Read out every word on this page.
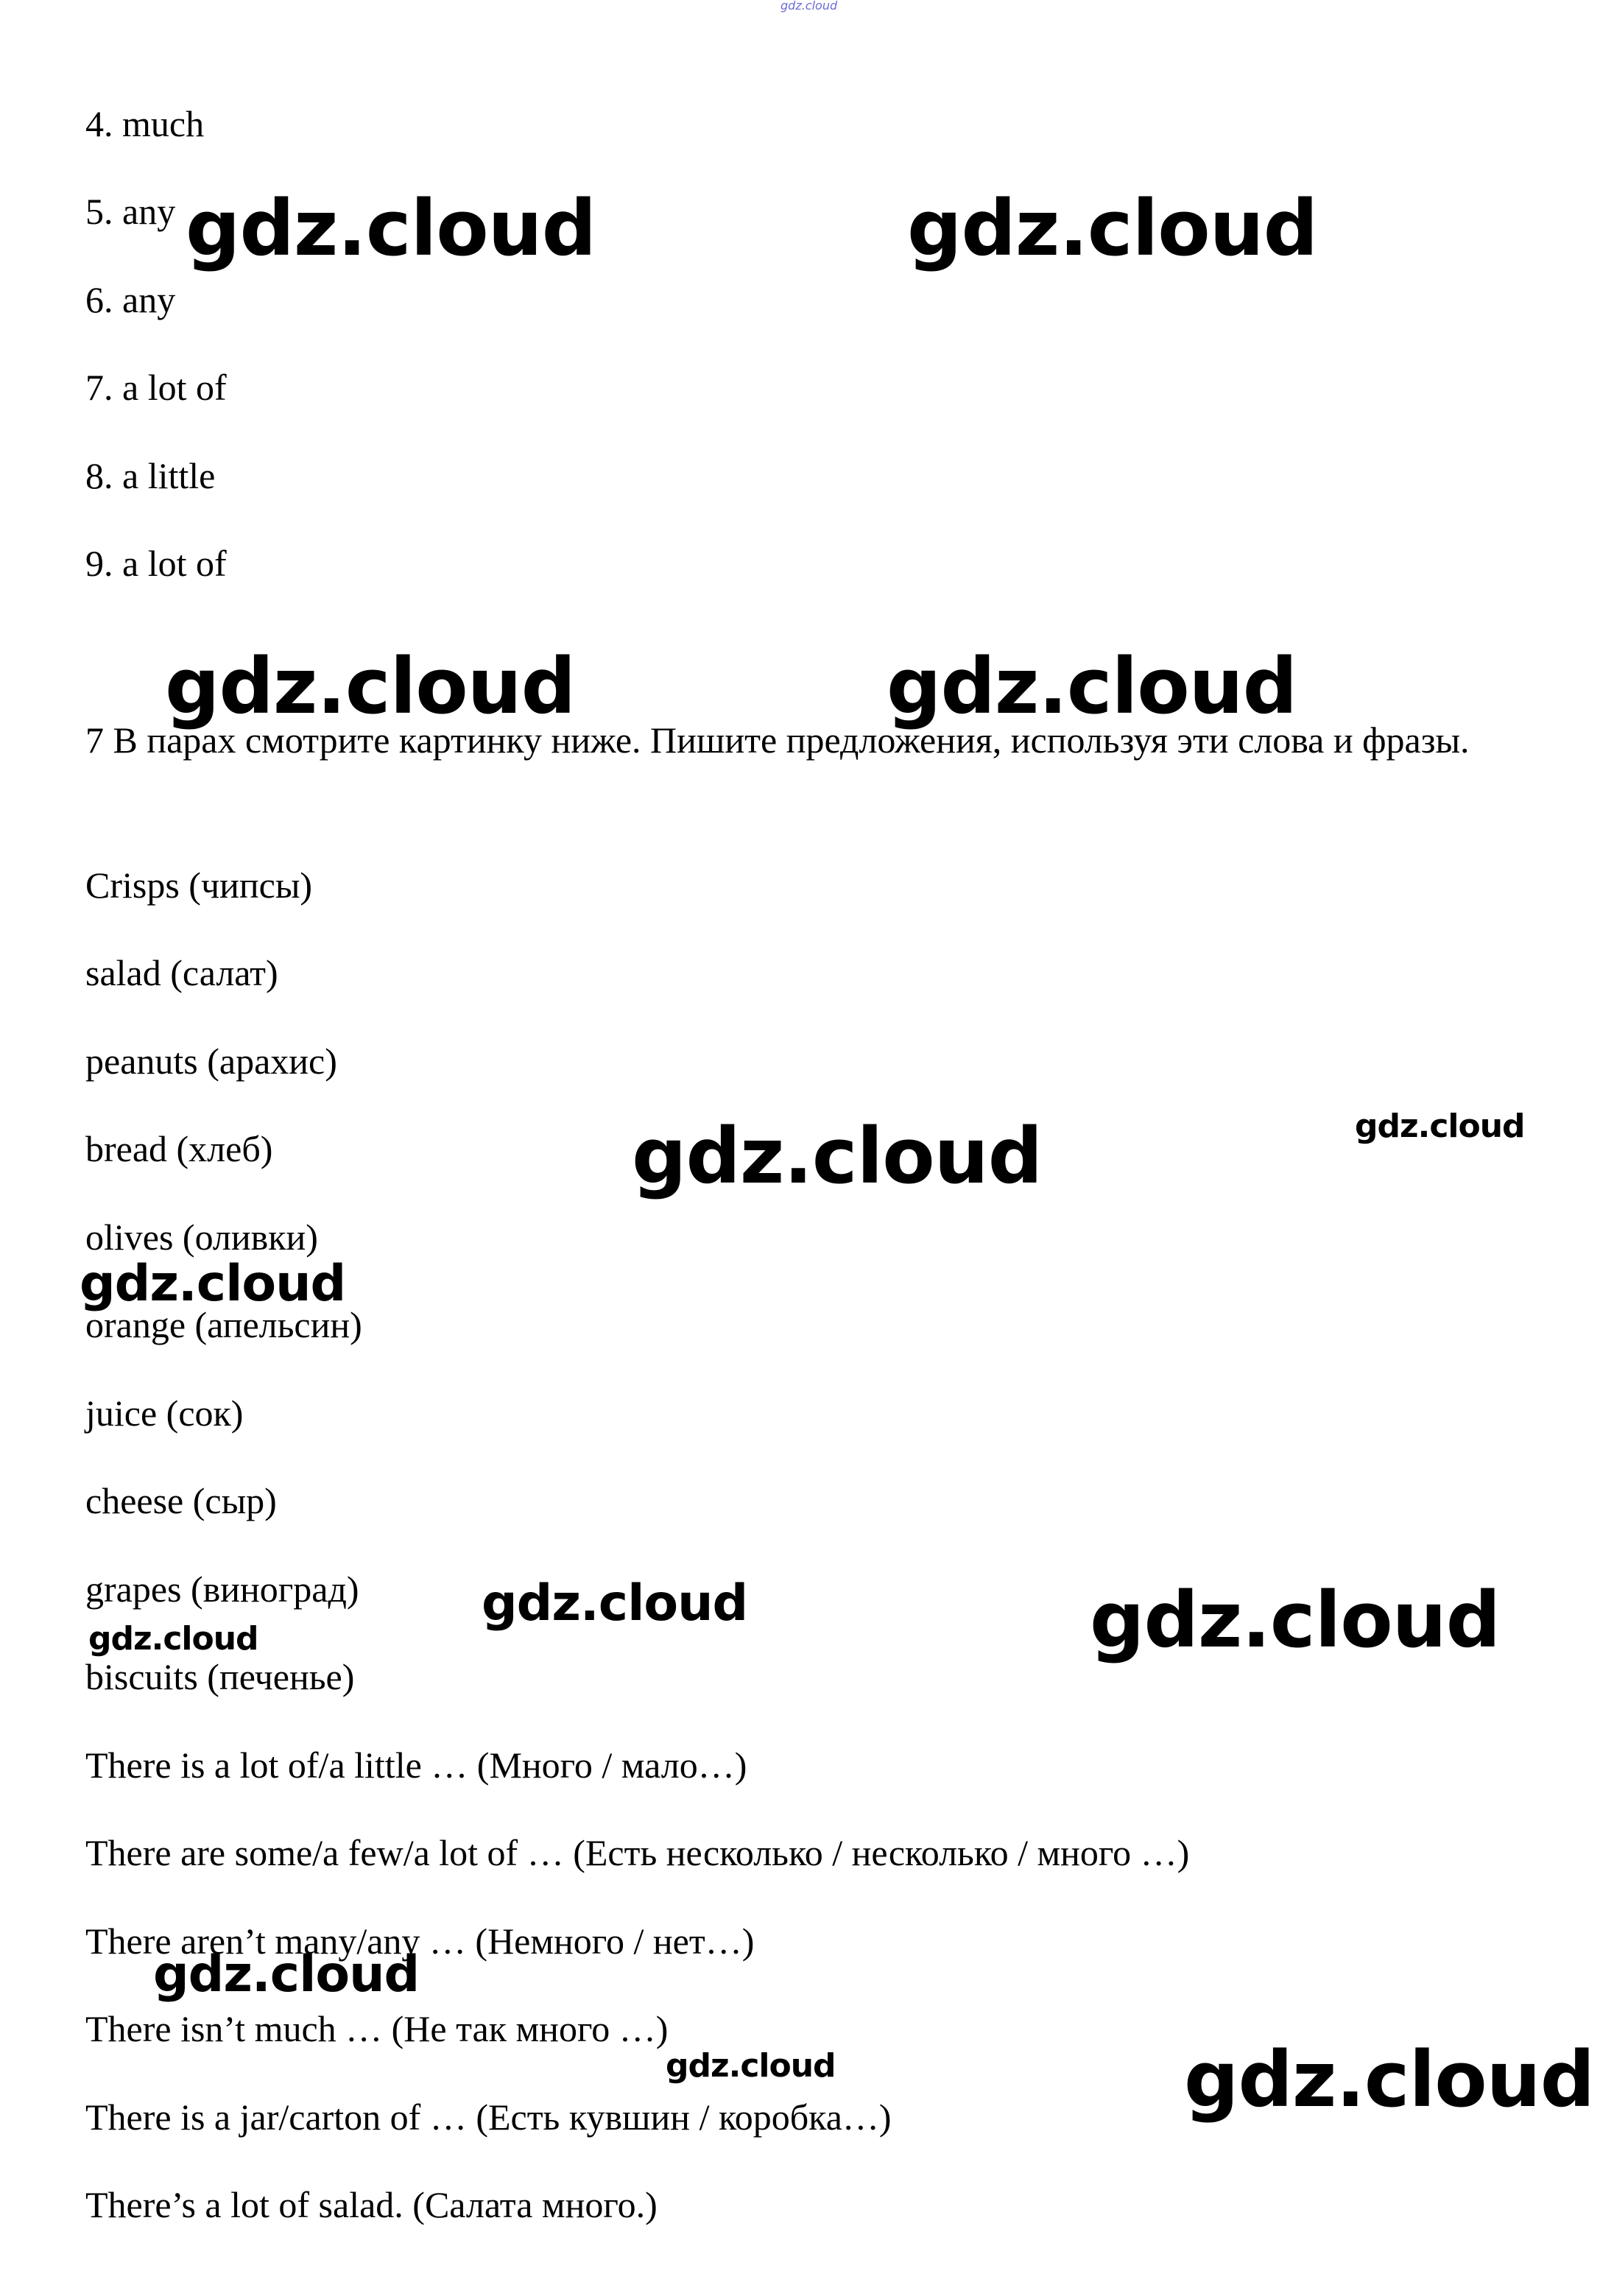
gdz.cloud

4. much

5. any

6. any

7. a lot of

8. a little

9. a lot of

7 В парах смотрите картинку ниже. Пишите предложения, используя эти слова и фразы.

Crisps (чипсы)

salad (салат)

peanuts (арахис)

bread (хлеб)

olives (оливки)

orange (апельсин)

juice (сок)

cheese (сыр)

grapes (виноград)

biscuits (печенье)

There is a lot of/a little … (Много / мало…)

There are some/a few/a lot of … (Есть несколько / несколько / много …)

There aren’t many/any … (Немного / нет…)

There isn’t much … (Не так много …)

There is a jar/carton of … (Есть кувшин / коробка…)

There’s a lot of salad. (Салата много.)

gdz.cloud	gdz.cloud
gdz.cloud	gdz.cloud
gdz.cloud	gdz.cloud
gdz.cloud
gdz.cloud	gdz.cloud
gdz.cloud
gdz.cloud
gdz.cloud	gdz.cloud
